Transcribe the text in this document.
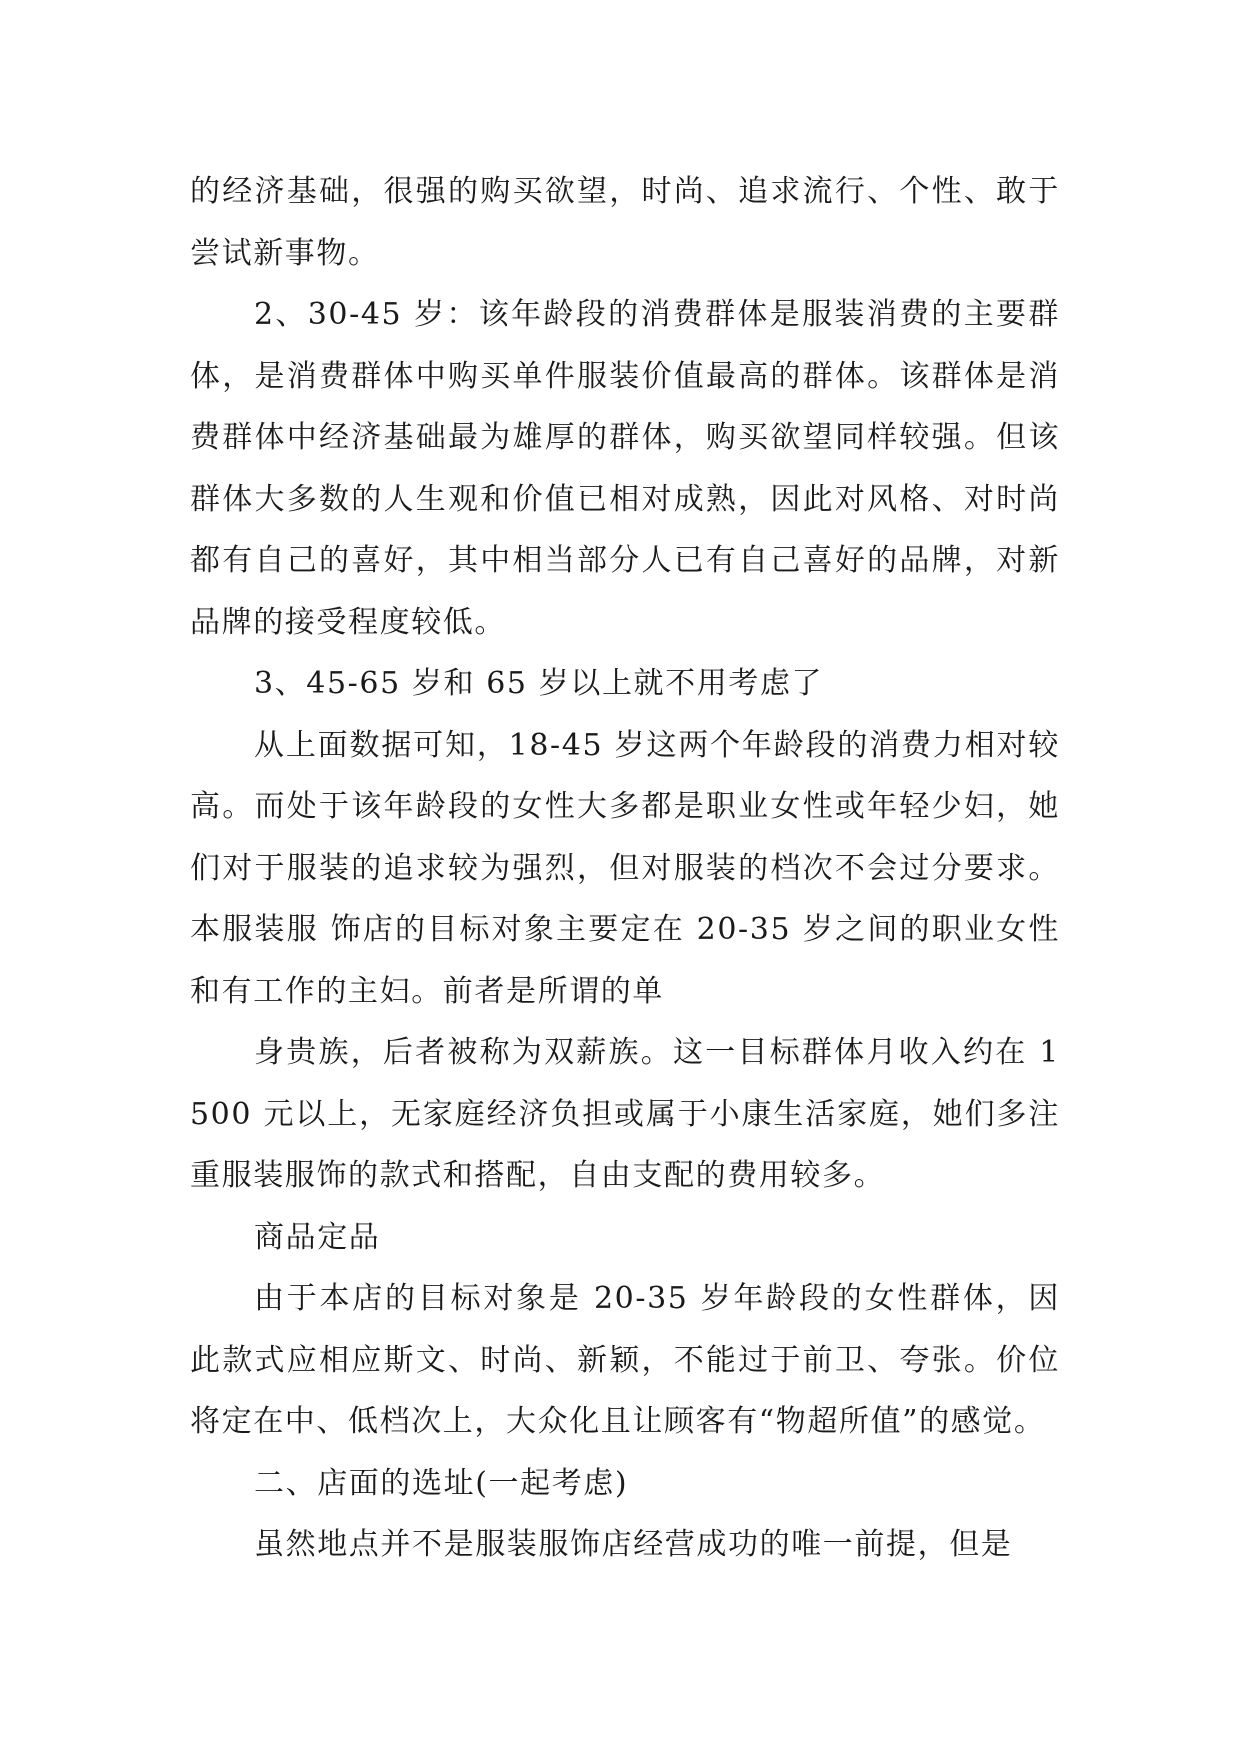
的经济基础，很强的购买欲望，时尚、追求流行、个性、敢于尝试新事物。

2、30-45 岁：该年龄段的消费群体是服装消费的主要群体，是消费群体中购买单件服装价值最高的群体。该群体是消费群体中经济基础最为雄厚的群体，购买欲望同样较强。但该群体大多数的人生观和价值已相对成熟，因此对风格、对时尚都有自己的喜好，其中相当部分人已有自己喜好的品牌，对新品牌的接受程度较低。

3、45-65 岁和 65 岁以上就不用考虑了

从上面数据可知，18-45 岁这两个年龄段的消费力相对较高。而处于该年龄段的女性大多都是职业女性或年轻少妇，她们对于服装的追求较为强烈，但对服装的档次不会过分要求。本服装服 饰店的目标对象主要定在 20-35 岁之间的职业女性和有工作的主妇。前者是所谓的单

身贵族，后者被称为双薪族。这一目标群体月收入约在 1500 元以上，无家庭经济负担或属于小康生活家庭，她们多注重服装服饰的款式和搭配，自由支配的费用较多。

商品定品

由于本店的目标对象是 20-35 岁年龄段的女性群体，因此款式应相应斯文、时尚、新颖，不能过于前卫、夸张。价位将定在中、低档次上，大众化且让顾客有“物超所值”的感觉。

二、店面的选址(一起考虑)

虽然地点并不是服装服饰店经营成功的唯一前提，但是
